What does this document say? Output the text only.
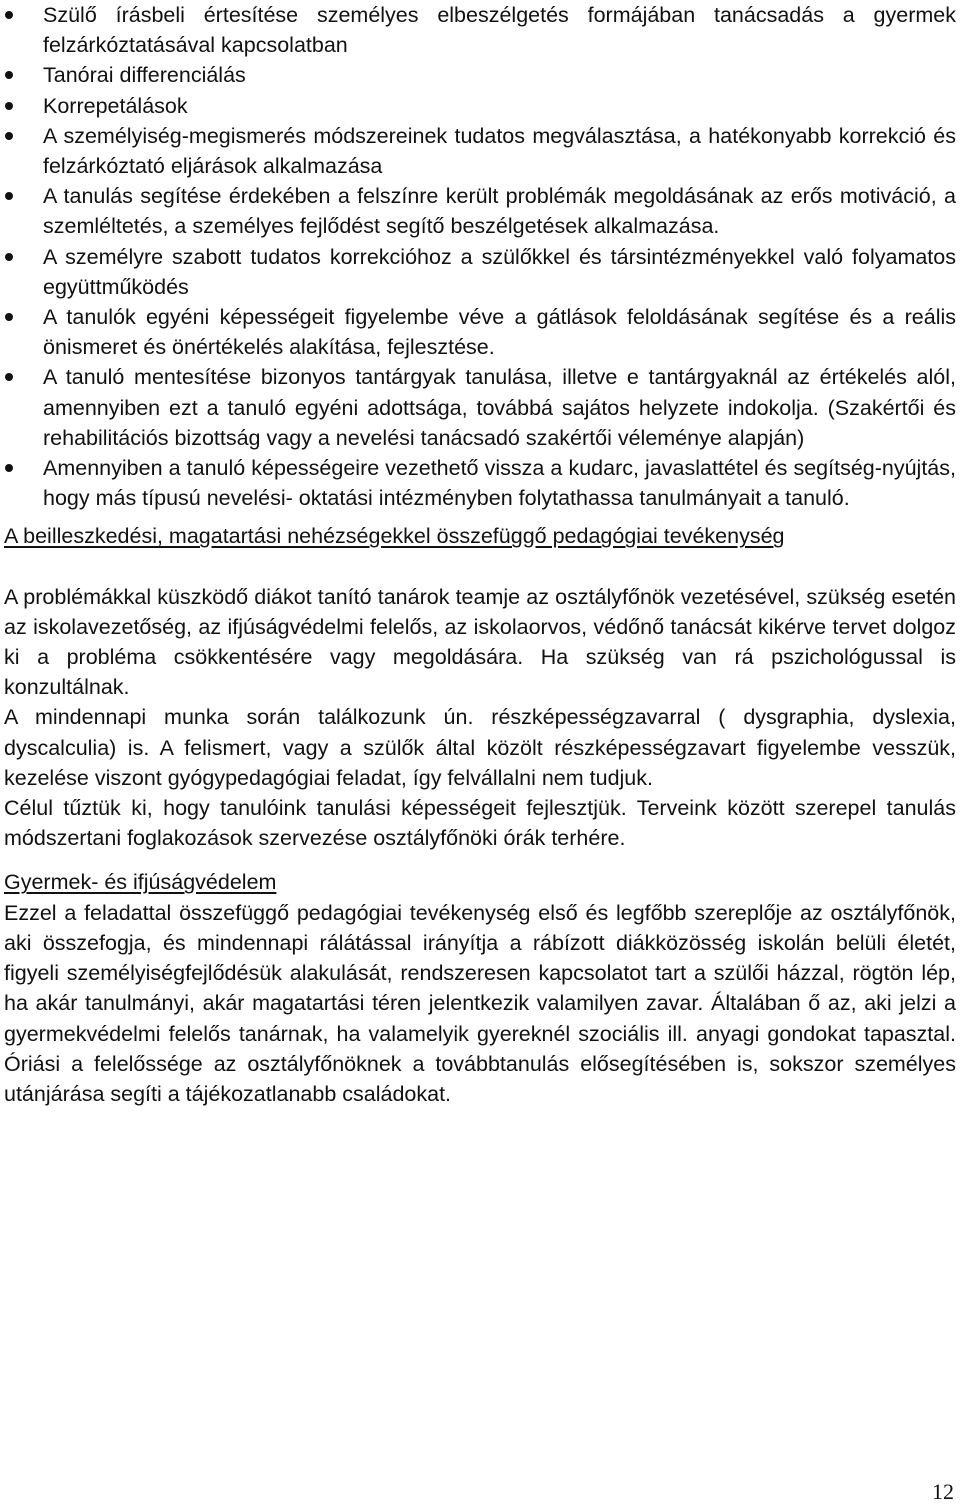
Szülő írásbeli értesítése személyes elbeszélgetés formájában tanácsadás a gyermek felzárkóztatásával kapcsolatban
Tanórai differenciálás
Korrepetálások
A személyiség-megismerés módszereinek tudatos megválasztása, a hatékonyabb korrekció és felzárkóztató eljárások alkalmazása
A tanulás segítése érdekében a felszínre került problémák megoldásának az erős motiváció, a szemléltetés, a személyes fejlődést segítő beszélgetések alkalmazása.
A személyre szabott tudatos korrekcióhoz a szülőkkel és társintézményekkel való folyamatos együttműködés
A tanulók egyéni képességeit figyelembe véve a gátlások feloldásának segítése és a reális önismeret és önértékelés alakítása, fejlesztése.
A tanuló mentesítése bizonyos tantárgyak tanulása, illetve e tantárgyaknál az értékelés alól, amennyiben ezt a tanuló egyéni adottsága, továbbá sajátos helyzete indokolja. (Szakértői és rehabilitációs bizottság vagy a nevelési tanácsadó szakértői véleménye alapján)
Amennyiben a tanuló képességeire vezethető vissza a kudarc, javaslattétel és segítség-nyújtás, hogy más típusú nevelési- oktatási intézményben folytathassa tanulmányait a tanuló.

A beilleszkedési, magatartási nehézségekkel összefüggő pedagógiai tevékenység

A problémákkal küszködő diákot tanító tanárok teamje az osztályfőnök vezetésével, szükség esetén az iskolavezetőség, az ifjúságvédelmi felelős, az iskolaorvos, védőnő tanácsát kikérve tervet dolgoz ki a probléma csökkentésére vagy megoldására. Ha szükség van rá pszichológussal is konzultálnak.

A mindennapi munka során találkozunk ún. részképességzavarral ( dysgraphia, dyslexia, dyscalculia) is. A felismert, vagy a szülők által közölt részképességzavart figyelembe vesszük, kezelése viszont gyógypedagógiai feladat, így felvállalni nem tudjuk.

Célul tűztük ki, hogy tanulóink tanulási képességeit fejlesztjük. Terveink között szerepel tanulás módszertani foglakozások szervezése osztályfőnöki órák terhére.

Gyermek- és ifjúságvédelem

Ezzel a feladattal összefüggő pedagógiai tevékenység első és legfőbb szereplője az osztályfőnök, aki összefogja, és mindennapi rálátással irányítja a rábízott diákközösség iskolán belüli életét, figyeli személyiségfejlődésük alakulását, rendszeresen kapcsolatot tart a szülői házzal, rögtön lép, ha akár tanulmányi, akár magatartási téren jelentkezik valamilyen zavar. Általában ő az, aki jelzi a gyermekvédelmi felelős tanárnak, ha valamelyik gyereknél szociális ill. anyagi gondokat tapasztal. Óriási a felelőssége az osztályfőnöknek a továbbtanulás elősegítésében is, sokszor személyes utánjárása segíti a tájékozatlanabb családokat.

12
